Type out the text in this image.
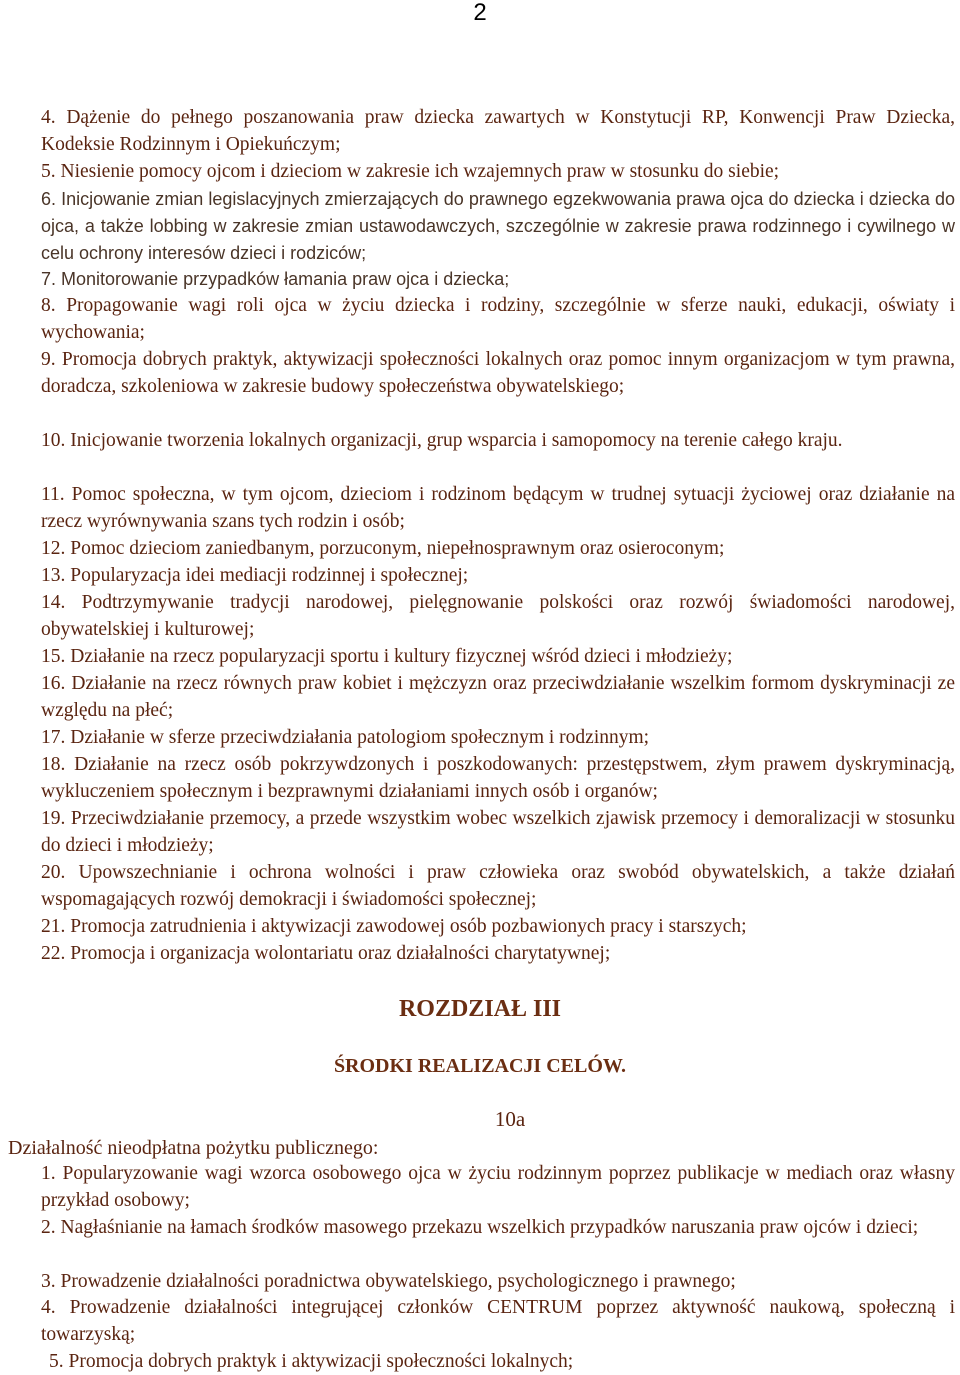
2

4. Dążenie do pełnego poszanowania praw dziecka zawartych w Konstytucji RP, Konwencji Praw Dziecka, Kodeksie Rodzinnym i Opiekuńczym;

5. Niesienie pomocy ojcom i dzieciom w zakresie ich wzajemnych praw w stosunku do siebie;

6. Inicjowanie zmian legislacyjnych zmierzających do prawnego egzekwowania prawa ojca do dziecka i dziecka do ojca, a także lobbing w zakresie zmian ustawodawczych, szczególnie w zakresie prawa rodzinnego i cywilnego w celu ochrony interesów dzieci i rodziców;

7. Monitorowanie przypadków łamania praw ojca i dziecka;

8. Propagowanie wagi roli ojca w życiu dziecka i rodziny, szczególnie w sferze nauki, edukacji, oświaty i wychowania;

9. Promocja dobrych praktyk, aktywizacji społeczności lokalnych oraz pomoc innym organizacjom w tym prawna, doradcza, szkoleniowa w zakresie budowy społeczeństwa obywatelskiego;

10. Inicjowanie tworzenia lokalnych organizacji, grup wsparcia i samopomocy na terenie całego kraju.

11. Pomoc społeczna, w tym ojcom, dzieciom i rodzinom będącym w trudnej sytuacji życiowej oraz działanie na rzecz wyrównywania szans tych rodzin i osób;

12. Pomoc dzieciom zaniedbanym, porzuconym, niepełnosprawnym oraz osieroconym;

13. Popularyzacja idei mediacji rodzinnej i społecznej;

14. Podtrzymywanie tradycji narodowej, pielęgnowanie polskości oraz rozwój świadomości narodowej, obywatelskiej i kulturowej;

15. Działanie na rzecz popularyzacji sportu i kultury fizycznej wśród dzieci i młodzieży;

16. Działanie na rzecz równych praw kobiet i mężczyzn oraz przeciwdziałanie wszelkim formom dyskryminacji ze względu na płeć;

17. Działanie w sferze przeciwdziałania patologiom społecznym i rodzinnym;

18. Działanie na rzecz osób pokrzywdzonych i poszkodowanych: przestępstwem, złym prawem dyskryminacją, wykluczeniem społecznym i bezprawnymi działaniami innych osób i organów;

19. Przeciwdziałanie przemocy, a przede wszystkim wobec wszelkich zjawisk przemocy i demoralizacji w stosunku do dzieci i młodzieży;

20. Upowszechnianie i ochrona wolności i praw człowieka oraz swobód obywatelskich, a także działań wspomagających rozwój demokracji i świadomości społecznej;

21. Promocja zatrudnienia i aktywizacji zawodowej osób pozbawionych pracy i starszych;

22. Promocja i organizacja wolontariatu oraz działalności charytatywnej;

ROZDZIAŁ III
ŚRODKI REALIZACJI CELÓW.

10a

Działalność nieodpłatna pożytku publicznego:

1. Popularyzowanie wagi wzorca osobowego ojca w życiu rodzinnym poprzez publikacje w mediach oraz własny przykład osobowy;

2. Nagłaśnianie na łamach środków masowego przekazu wszelkich przypadków naruszania praw ojców i dzieci;

3. Prowadzenie działalności poradnictwa obywatelskiego, psychologicznego i prawnego;

4. Prowadzenie działalności integrującej członków CENTRUM poprzez aktywność naukową, społeczną i towarzyską;

5. Promocja dobrych praktyk i aktywizacji społeczności lokalnych;
